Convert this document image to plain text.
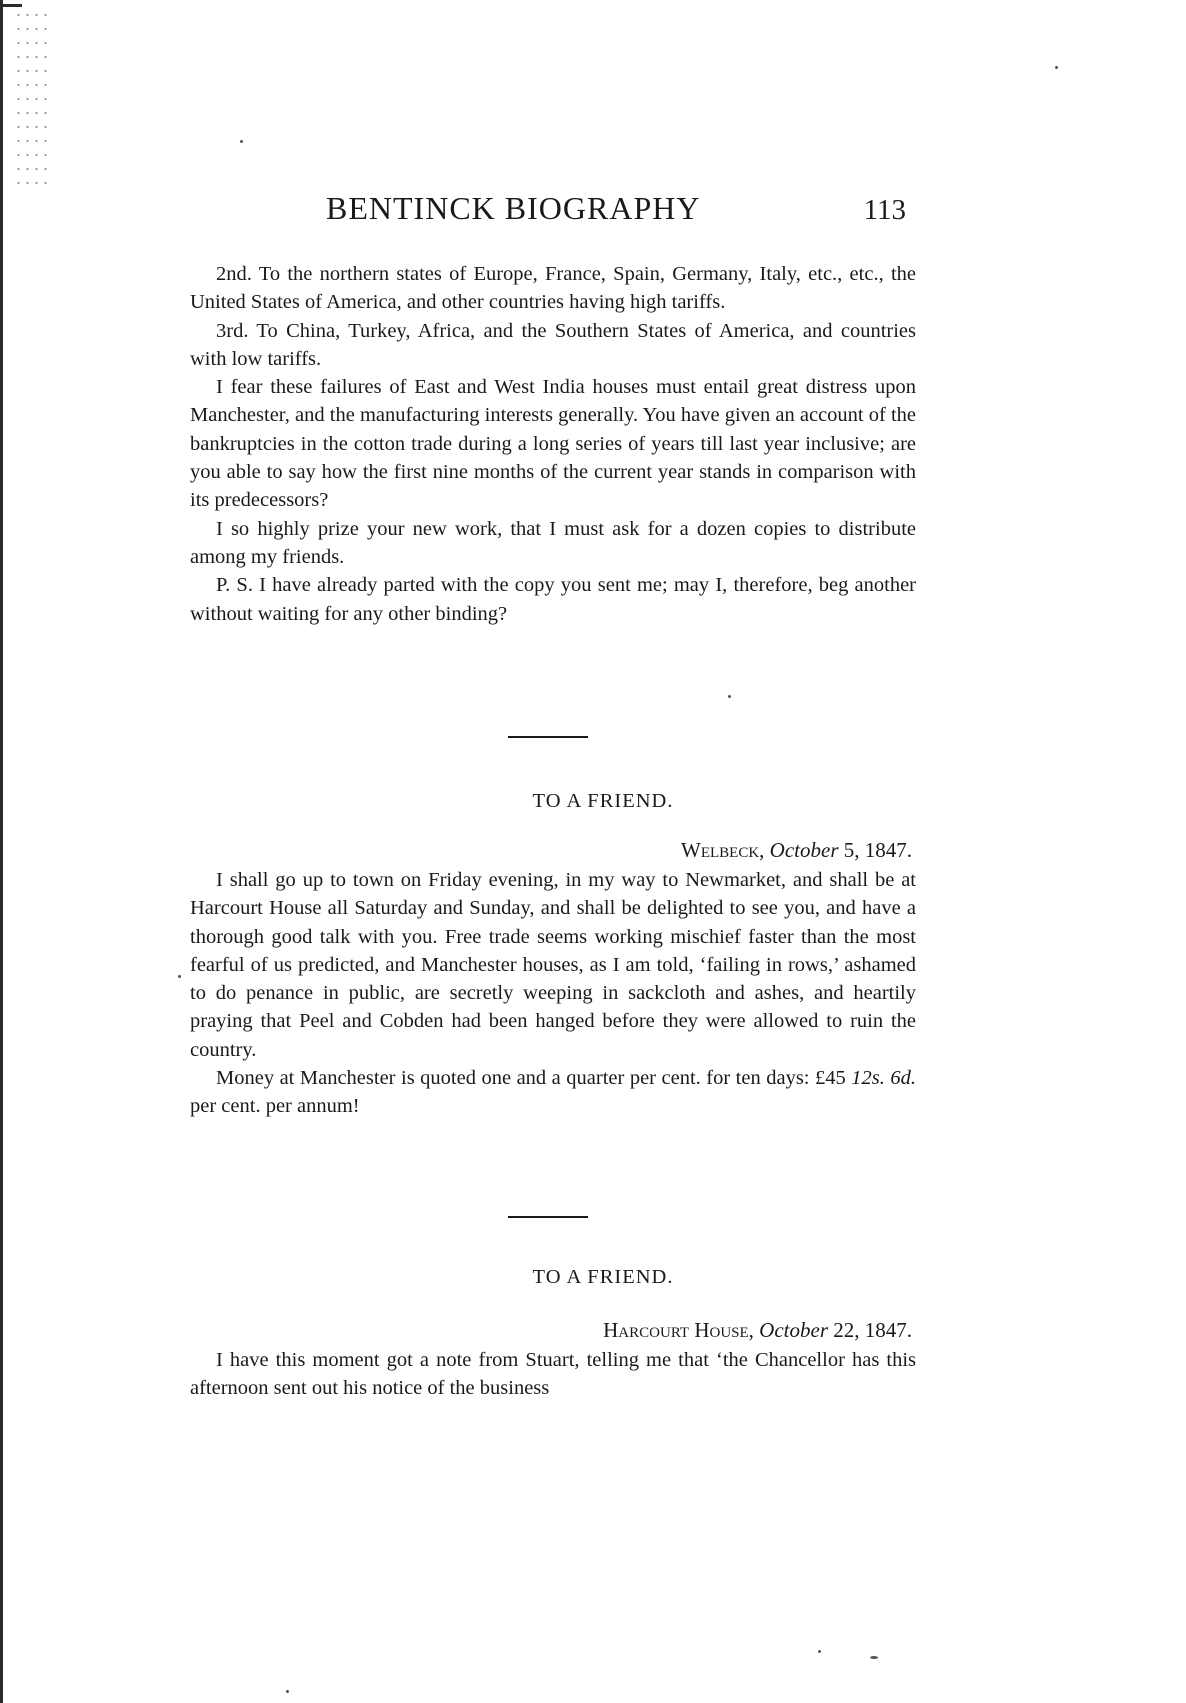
BENTINCK BIOGRAPHY	113

2nd. To the northern states of Europe, France, Spain, Germany, Italy, etc., etc., the United States of America, and other countries having high tariffs.

3rd. To China, Turkey, Africa, and the Southern States of America, and countries with low tariffs.

I fear these failures of East and West India houses must entail great distress upon Manchester, and the manufacturing interests generally. You have given an account of the bankruptcies in the cotton trade during a long series of years till last year inclusive; are you able to say how the first nine months of the current year stands in comparison with its predecessors?

I so highly prize your new work, that I must ask for a dozen copies to distribute among my friends.

P. S. I have already parted with the copy you sent me; may I, therefore, beg another without waiting for any other binding?

TO A FRIEND.
Welbeck, October 5, 1847.

I shall go up to town on Friday evening, in my way to Newmarket, and shall be at Harcourt House all Saturday and Sunday, and shall be delighted to see you, and have a thorough good talk with you. Free trade seems working mischief faster than the most fearful of us predicted, and Manchester houses, as I am told, ‘failing in rows,’ ashamed to do penance in public, are secretly weeping in sackcloth and ashes, and heartily praying that Peel and Cobden had been hanged before they were allowed to ruin the country.

Money at Manchester is quoted one and a quarter per cent. for ten days: £45 12s. 6d. per cent. per annum!

TO A FRIEND.
Harcourt House, October 22, 1847.

I have this moment got a note from Stuart, telling me that ‘the Chancellor has this afternoon sent out his notice of the business
